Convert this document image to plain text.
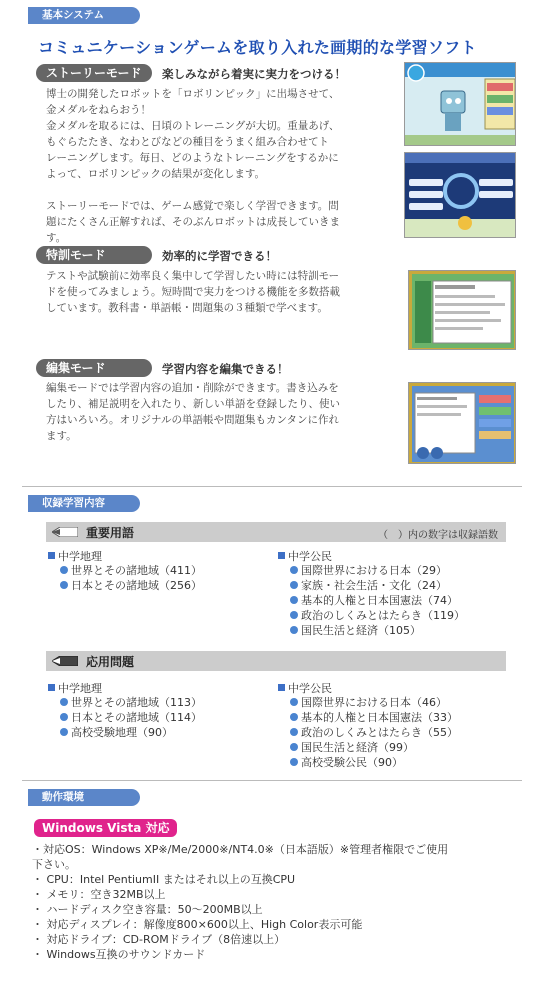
基本システム
コミュニケーションゲームを取り入れた画期的な学習ソフト
ストーリーモード	楽しみながら着実に実力をつける！
博士の開発したロボットを「ロボリンピック」に出場させて、
金メダルをねらおう！
金メダルを取るには、日頃のトレーニングが大切。重量あげ、
もぐらたたき、なわとびなどの種目をうまく組み合わせてト
レーニングします。毎日、どのようなトレーニングをするかに
よって、ロボリンピックの結果が変化します。
ストーリーモードでは、ゲーム感覚で楽しく学習できます。問
題にたくさん正解すれば、そのぶんロボットは成長していきま
す。
特訓モード	効率的に学習できる！
テストや試験前に効率良く集中して学習したい時には特訓モー
ドを使ってみましょう。短時間で実力をつける機能を多数搭載
しています。教科書・単語帳・問題集の３種類で学べます。
編集モード	学習内容を編集できる！
編集モードでは学習内容の追加・削除ができます。書き込みを
したり、補足説明を入れたり、新しい単語を登録したり、使い
方はいろいろ。オリジナルの単語帳や問題集もカンタンに作れ
ます。
収録学習内容
重要用語	（　）内の数字は収録語数
中学地理
世界とその諸地域（411）
日本とその諸地域（256）
中学公民
国際世界における日本（29）
家族・社会生活・文化（24）
基本的人権と日本国憲法（74）
政治のしくみとはたらき（119）
国民生活と経済（105）
応用問題
中学地理
世界とその諸地域（113）
日本とその諸地域（114）
高校受験地理（90）
中学公民
国際世界における日本（46）
基本的人権と日本国憲法（33）
政治のしくみとはたらき（55）
国民生活と経済（99）
高校受験公民（90）
動作環境
Windows Vista 対応
・対応OS：Windows XP※/Me/2000※/NT4.0※（日本語版）※管理者権限でご使用
下さい。
・ CPU：Intel PentiumII またはそれ以上の互換CPU
・ メモリ：空き32MB以上
・ ハードディスク空き容量：50～200MB以上
・ 対応ディスプレイ：解像度800×600以上、High Color表示可能
・ 対応ドライブ：CD-ROMドライブ（8倍速以上）
・ Windows互換のサウンドカード
